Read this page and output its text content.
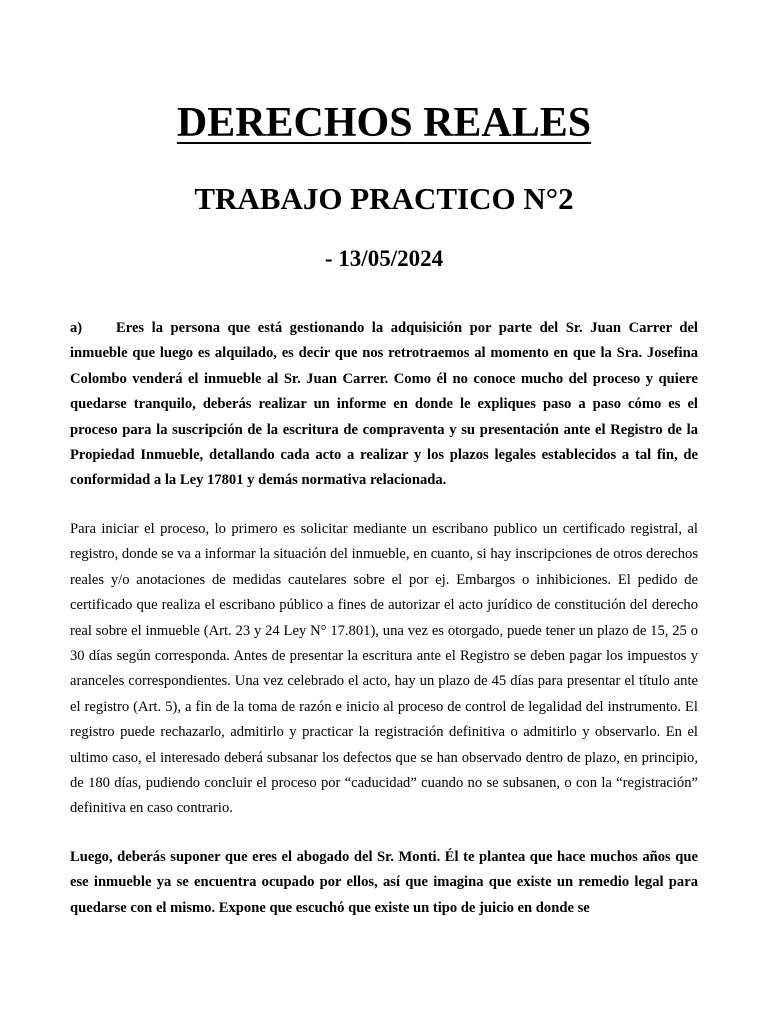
DERECHOS REALES
TRABAJO PRACTICO N°2
- 13/05/2024

a) Eres la persona que está gestionando la adquisición por parte del Sr. Juan Carrer del inmueble que luego es alquilado, es decir que nos retrotraemos al momento en que la Sra. Josefina Colombo venderá el inmueble al Sr. Juan Carrer. Como él no conoce mucho del proceso y quiere quedarse tranquilo, deberás realizar un informe en donde le expliques paso a paso cómo es el proceso para la suscripción de la escritura de compraventa y su presentación ante el Registro de la Propiedad Inmueble, detallando cada acto a realizar y los plazos legales establecidos a tal fin, de conformidad a la Ley 17801 y demás normativa relacionada.

Para iniciar el proceso, lo primero es solicitar mediante un escribano publico un certificado registral, al registro, donde se va a informar la situación del inmueble, en cuanto, si hay inscripciones de otros derechos reales y/o anotaciones de medidas cautelares sobre el por ej. Embargos o inhibiciones. El pedido de certificado que realiza el escribano público a fines de autorizar el acto jurídico de constitución del derecho real sobre el inmueble (Art. 23 y 24 Ley N° 17.801), una vez es otorgado, puede tener un plazo de 15, 25 o 30 días según corresponda. Antes de presentar la escritura ante el Registro se deben pagar los impuestos y aranceles correspondientes. Una vez celebrado el acto, hay un plazo de 45 días para presentar el título ante el registro (Art. 5), a fin de la toma de razón e inicio al proceso de control de legalidad del instrumento. El registro puede rechazarlo, admitirlo y practicar la registración definitiva o admitirlo y observarlo. En el ultimo caso, el interesado deberá subsanar los defectos que se han observado dentro de plazo, en principio, de 180 días, pudiendo concluir el proceso por “caducidad” cuando no se subsanen, o con la “registración” definitiva en caso contrario.

Luego, deberás suponer que eres el abogado del Sr. Monti. Él te plantea que hace muchos años que ese inmueble ya se encuentra ocupado por ellos, así que imagina que existe un remedio legal para quedarse con el mismo. Expone que escuchó que existe un tipo de juicio en donde se
